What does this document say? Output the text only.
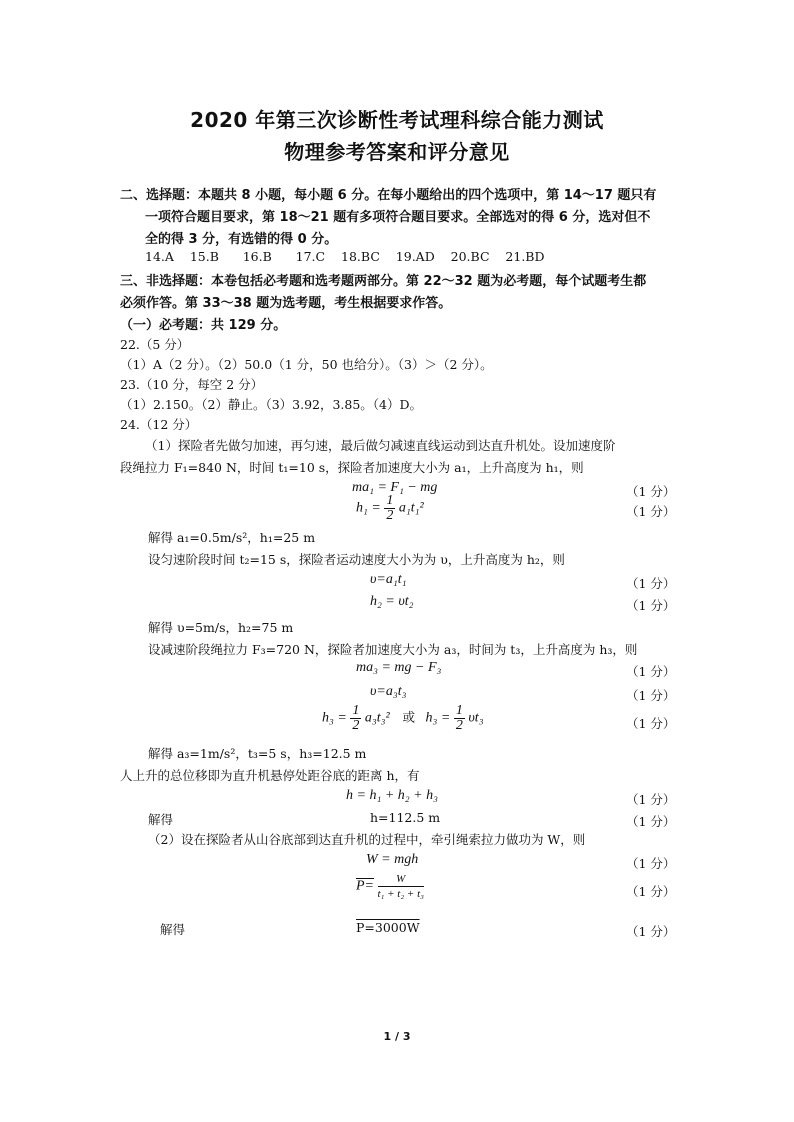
2020 年第三次诊断性考试理科综合能力测试
物理参考答案和评分意见
二、选择题：本题共 8 小题，每小题 6 分。在每小题给出的四个选项中，第 14～17 题只有
一项符合题目要求，第 18～21 题有多项符合题目要求。全部选对的得 6 分，选对但不
全的得 3 分，有选错的得 0 分。
14.A 15.B 16.B 17.C 18.BC 19.AD 20.BC 21.BD
三、非选择题：本卷包括必考题和选考题两部分。第 22～32 题为必考题，每个试题考生都
必须作答。第 33～38 题为选考题，考生根据要求作答。
（一）必考题：共 129 分。
22.（5 分）
（1）A（2 分）。（2）50.0（1 分，50 也给分）。（3）＞（2 分）。
23.（10 分，每空 2 分）
（1）2.150。（2）静止。（3）3.92，3.85。（4）D。
24.（12 分）
（1）探险者先做匀加速，再匀速，最后做匀减速直线运动到达直升机处。设加速度阶
段绳拉力 F₁=840 N，时间 t₁=10 s，探险者加速度大小为 a₁，上升高度为 h₁，则
ma₁ = F₁ − mg	（1 分）
$h_1 = \frac{1}{2} a_1t_1^2$	（1 分）
解得 a₁=0.5m/s²，h₁=25 m
设匀速阶段时间 t₂=15 s，探险者运动速度大小为为 υ，上升高度为 h₂，则
υ=a₁t₁	（1 分）
h₂ = υt₂	（1 分）
解得 υ=5m/s，h₂=75 m
设减速阶段绳拉力 F₃=720 N，探险者加速度大小为 a₃，时间为 t₃，上升高度为 h₃，则
ma₃ = mg − F₃	（1 分）
υ=a₃t₃	（1 分）
$h_3 = \frac{1}{2} a_3t_3^2$ 或 $h_3 = \frac{1}{2} \upsilon t_3$	（1 分）
解得 a₃=1m/s²，t₃=5 s，h₃=12.5 m
人上升的总位移即为直升机悬停处距谷底的距离 h，有
h = h₁ + h₂ + h₃	（1 分）
解得	h=112.5 m	（1 分）
（2）设在探险者从山谷底部到达直升机的过程中，牵引绳索拉力做功为 W，则
W = mgh	（1 分）
$P= \frac{W}{\text{t₁ + t₂ + t₃}}$	（1 分）
解得	P=3000W	（1 分）
1 / 3
